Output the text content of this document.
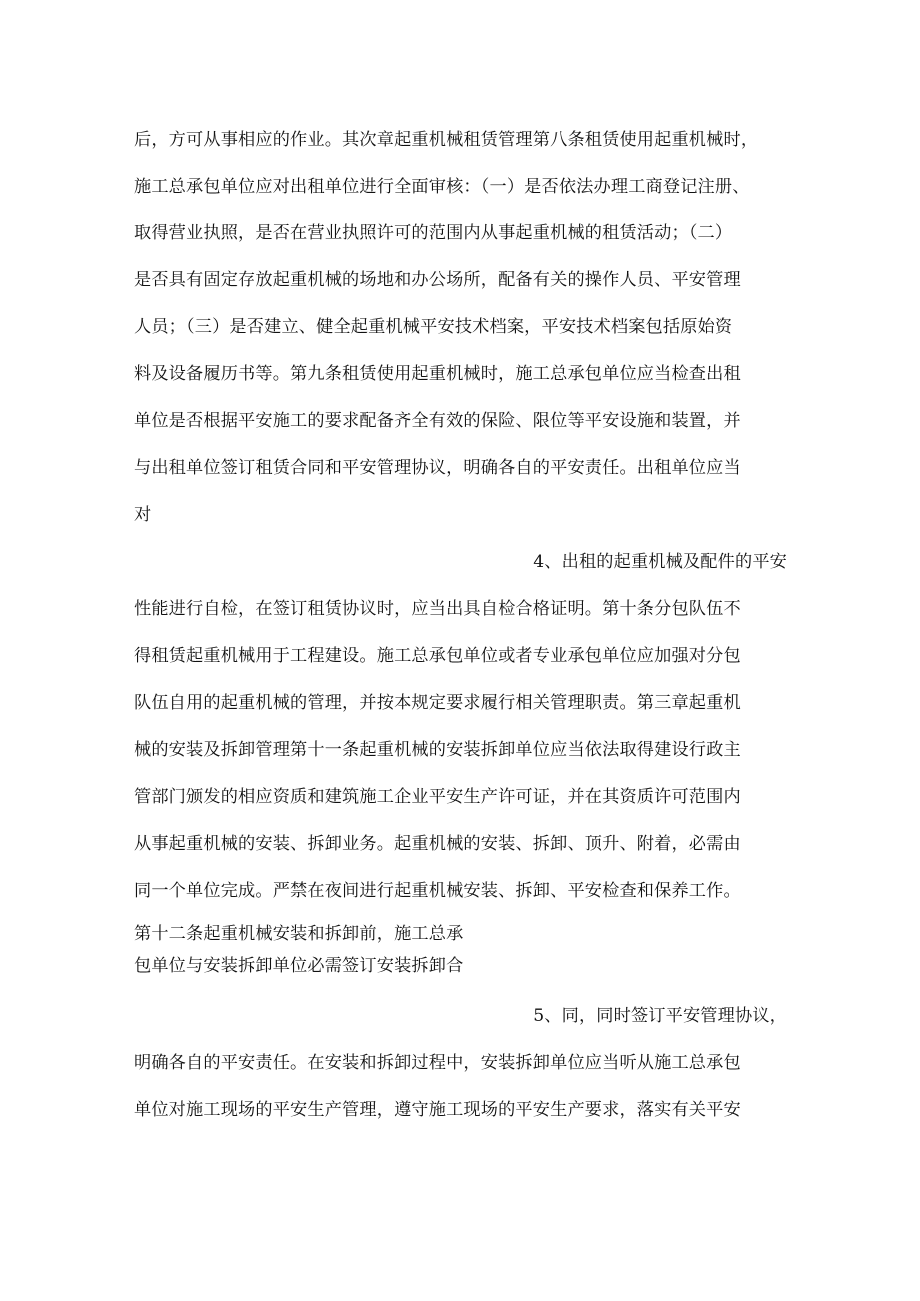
后，方可从事相应的作业。其次章起重机械租赁管理第八条租赁使用起重机械时，
施工总承包单位应对出租单位进行全面审核：（一）是否依法办理工商登记注册、
取得营业执照，是否在营业执照许可的范围内从事起重机械的租赁活动；（二）
是否具有固定存放起重机械的场地和办公场所，配备有关的操作人员、平安管理
人员；（三）是否建立、健全起重机械平安技术档案，平安技术档案包括原始资
料及设备履历书等。第九条租赁使用起重机械时，施工总承包单位应当检查出租
单位是否根据平安施工的要求配备齐全有效的保险、限位等平安设施和装置，并
与出租单位签订租赁合同和平安管理协议，明确各自的平安责任。出租单位应当
对
4、出租的起重机械及配件的平安
性能进行自检，在签订租赁协议时，应当出具自检合格证明。第十条分包队伍不
得租赁起重机械用于工程建设。施工总承包单位或者专业承包单位应加强对分包
队伍自用的起重机械的管理，并按本规定要求履行相关管理职责。第三章起重机
械的安装及拆卸管理第十一条起重机械的安装拆卸单位应当依法取得建设行政主
管部门颁发的相应资质和建筑施工企业平安生产许可证，并在其资质许可范围内
从事起重机械的安装、拆卸业务。起重机械的安装、拆卸、顶升、附着，必需由
同一个单位完成。严禁在夜间进行起重机械安装、拆卸、平安检查和保养工作。
第十二条起重机械安装和拆卸前，施工总承
包单位与安装拆卸单位必需签订安装拆卸合
5、同，同时签订平安管理协议，
明确各自的平安责任。在安装和拆卸过程中，安装拆卸单位应当听从施工总承包
单位对施工现场的平安生产管理，遵守施工现场的平安生产要求，落实有关平安
